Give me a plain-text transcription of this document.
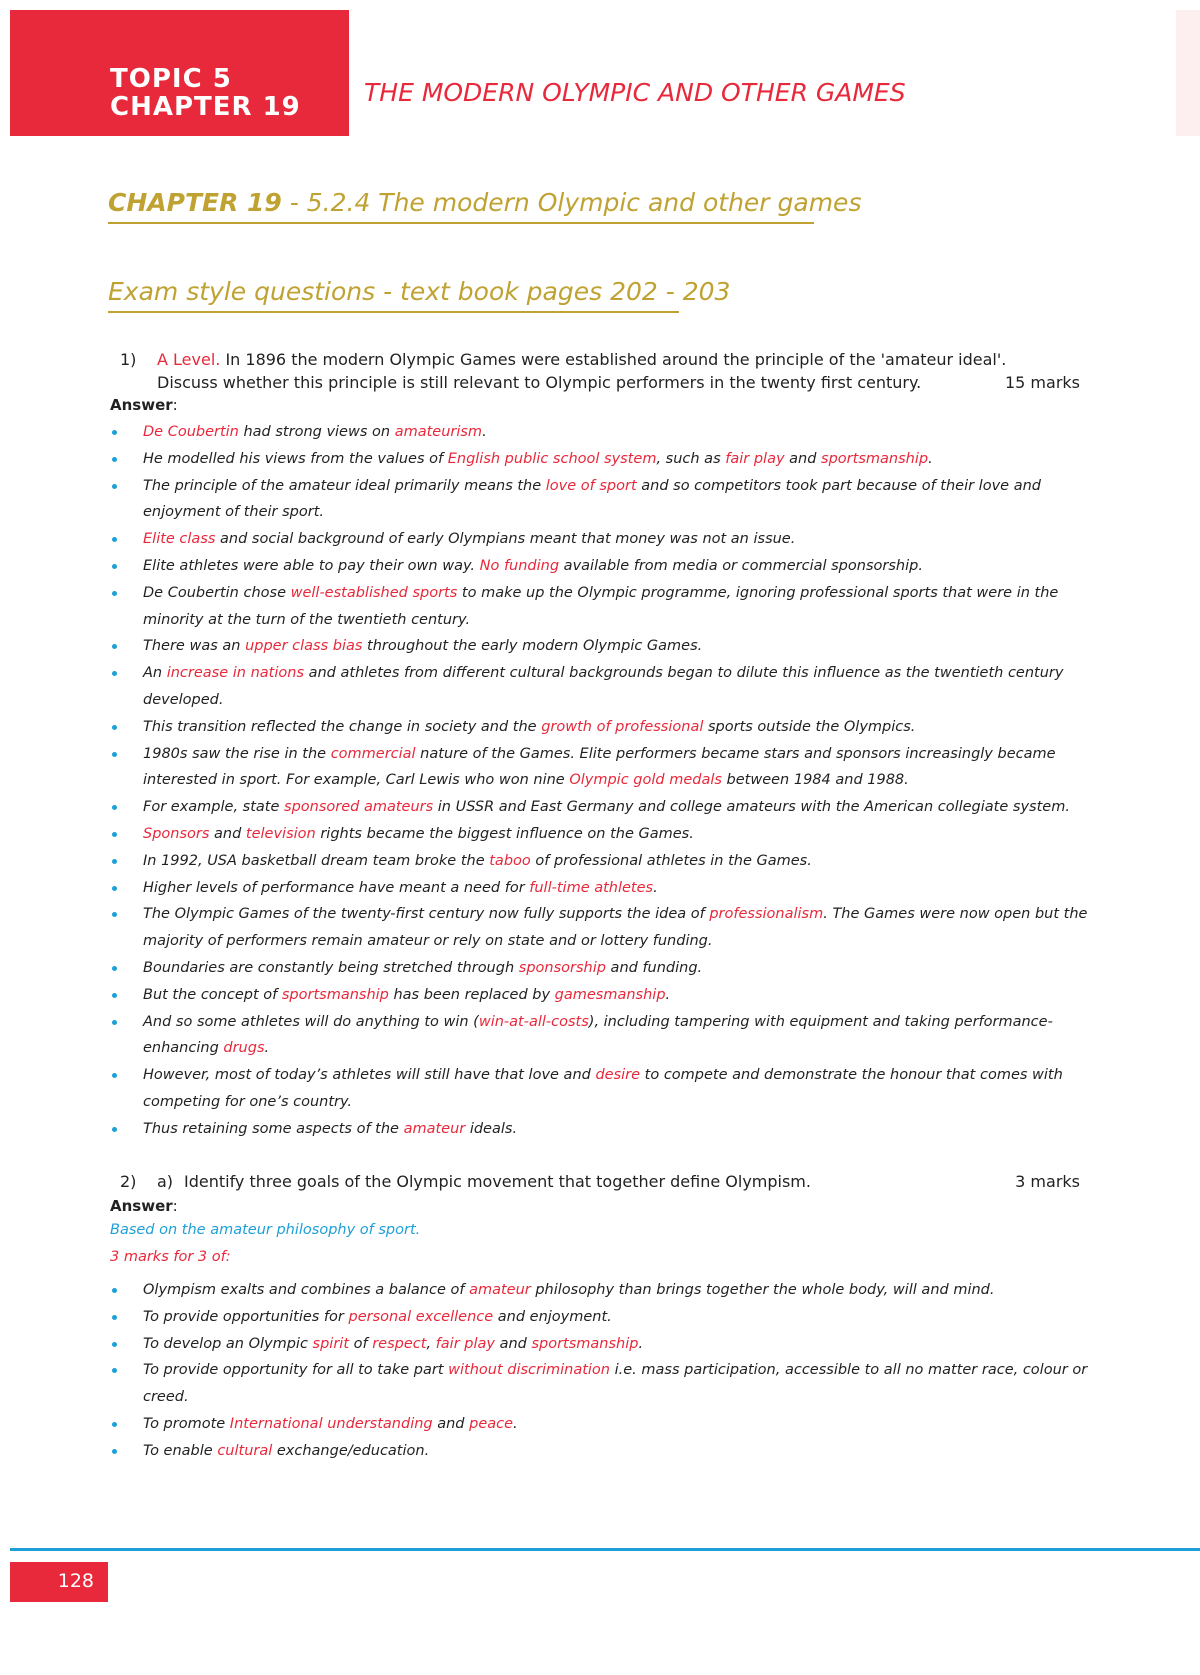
TOPIC 5
CHAPTER 19	THE MODERN OLYMPIC AND OTHER GAMES
CHAPTER 19 - 5.2.4 The modern Olympic and other games
Exam style questions - text book pages 202 - 203
1) A Level. In 1896 the modern Olympic Games were established around the principle of the 'amateur ideal'. Discuss whether this principle is still relevant to Olympic performers in the twenty first century.	15 marks
Answer:
De Coubertin had strong views on amateurism.
He modelled his views from the values of English public school system, such as fair play and sportsmanship.
The principle of the amateur ideal primarily means the love of sport and so competitors took part because of their love and enjoyment of their sport.
Elite class and social background of early Olympians meant that money was not an issue.
Elite athletes were able to pay their own way. No funding available from media or commercial sponsorship.
De Coubertin chose well-established sports to make up the Olympic programme, ignoring professional sports that were in the minority at the turn of the twentieth century.
There was an upper class bias throughout the early modern Olympic Games.
An increase in nations and athletes from different cultural backgrounds began to dilute this influence as the twentieth century developed.
This transition reflected the change in society and the growth of professional sports outside the Olympics.
1980s saw the rise in the commercial nature of the Games. Elite performers became stars and sponsors increasingly became interested in sport. For example, Carl Lewis who won nine Olympic gold medals between 1984 and 1988.
For example, state sponsored amateurs in USSR and East Germany and college amateurs with the American collegiate system.
Sponsors and television rights became the biggest influence on the Games.
In 1992, USA basketball dream team broke the taboo of professional athletes in the Games.
Higher levels of performance have meant a need for full-time athletes.
The Olympic Games of the twenty-first century now fully supports the idea of professionalism. The Games were now open but the majority of performers remain amateur or rely on state and or lottery funding.
Boundaries are constantly being stretched through sponsorship and funding.
But the concept of sportsmanship has been replaced by gamesmanship.
And so some athletes will do anything to win (win-at-all-costs), including tampering with equipment and taking performance-enhancing drugs.
However, most of today’s athletes will still have that love and desire to compete and demonstrate the honour that comes with competing for one’s country.
Thus retaining some aspects of the amateur ideals.
2) a) Identify three goals of the Olympic movement that together define Olympism.	3 marks
Answer:
Based on the amateur philosophy of sport.
3 marks for 3 of:
Olympism exalts and combines a balance of amateur philosophy than brings together the whole body, will and mind.
To provide opportunities for personal excellence and enjoyment.
To develop an Olympic spirit of respect, fair play and sportsmanship.
To provide opportunity for all to take part without discrimination i.e. mass participation, accessible to all no matter race, colour or creed.
To promote International understanding and peace.
To enable cultural exchange/education.
128
